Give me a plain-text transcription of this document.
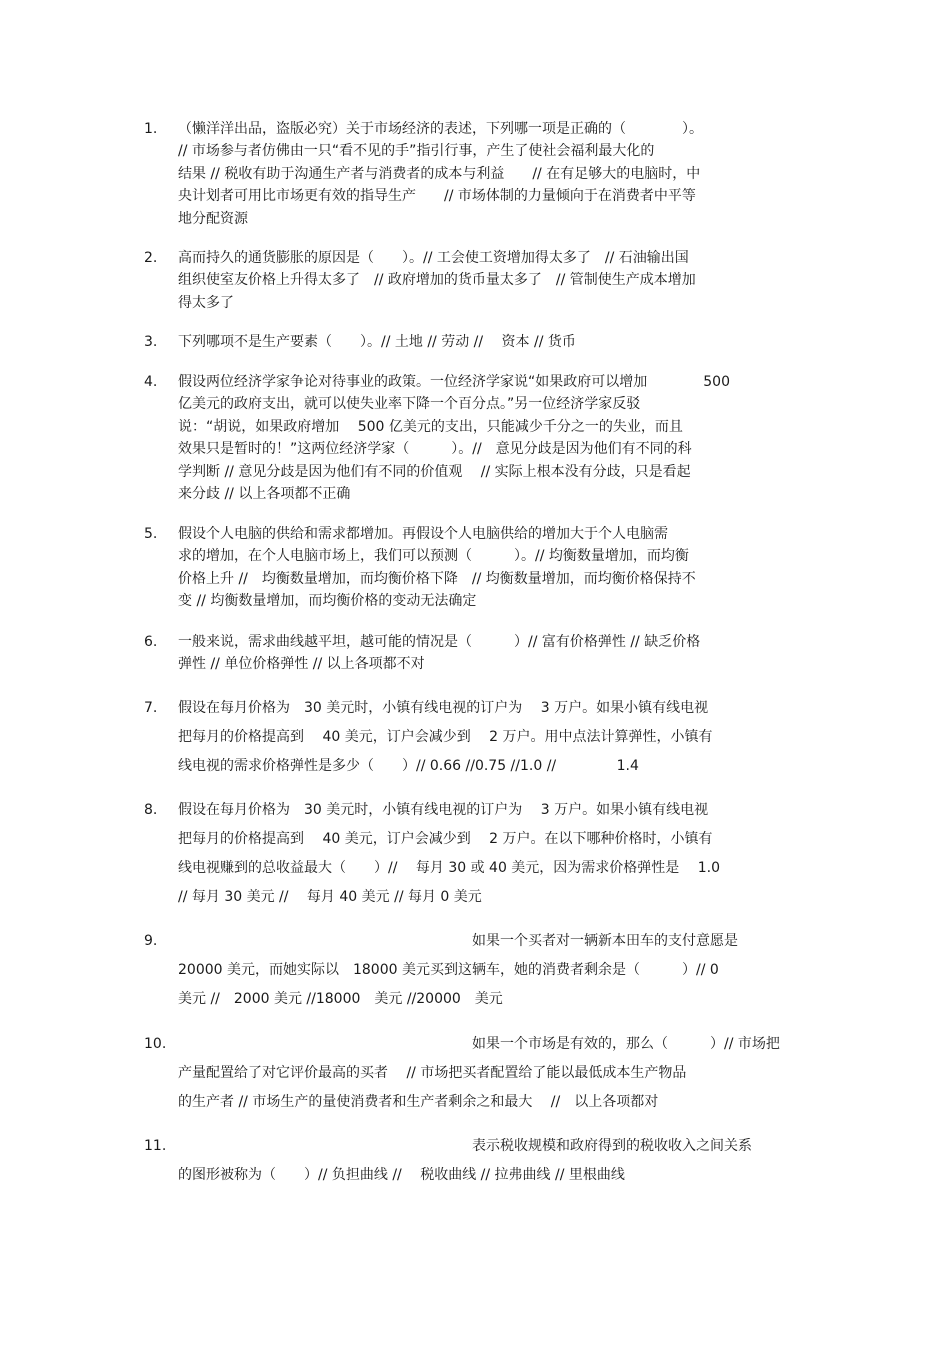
1. （懒洋洋出品，盗版必究）关于市场经济的表述，下列哪一项是正确的（　　　　）。
// 市场参与者仿佛由一只“看不见的手”指引行事，产生了使社会福利最大化的
结果 // 税收有助于沟通生产者与消费者的成本与利益　　// 在有足够大的电脑时，中
央计划者可用比市场更有效的指导生产　　// 市场体制的力量倾向于在消费者中平等
地分配资源
2. 高而持久的通货膨胀的原因是（　　）。// 工会使工资增加得太多了　// 石油输出国
组织使室友价格上升得太多了　// 政府增加的货币量太多了　// 管制使生产成本增加
得太多了
3. 下列哪项不是生产要素（　　）。// 土地 // 劳动 //　 资本 // 货币
4. 假设两位经济学家争论对待事业的政策。一位经济学家说“如果政府可以增加　　　　500
亿美元的政府支出，就可以使失业率下降一个百分点。”另一位经济学家反驳
说：“胡说，如果政府增加　 500 亿美元的支出，只能减少千分之一的失业，而且
效果只是暂时的！”这两位经济学家（　　　）。//　意见分歧是因为他们有不同的科
学判断 // 意见分歧是因为他们有不同的价值观　 // 实际上根本没有分歧，只是看起
来分歧 // 以上各项都不正确
5. 假设个人电脑的供给和需求都增加。再假设个人电脑供给的增加大于个人电脑需
求的增加，在个人电脑市场上，我们可以预测（　　　）。// 均衡数量增加，而均衡
价格上升 //　均衡数量增加，而均衡价格下降　// 均衡数量增加，而均衡价格保持不
变 // 均衡数量增加，而均衡价格的变动无法确定
6. 一般来说，需求曲线越平坦，越可能的情况是（　　　）// 富有价格弹性 // 缺乏价格
弹性 // 单位价格弹性 // 以上各项都不对
7. 假设在每月价格为　30 美元时，小镇有线电视的订户为　 3 万户。如果小镇有线电视
把每月的价格提高到　 40 美元，订户会减少到　 2 万户。用中点法计算弹性，小镇有
线电视的需求价格弹性是多少（　　）// 0.66 //0.75 //1.0 //　　　　 1.4
8. 假设在每月价格为　30 美元时，小镇有线电视的订户为　 3 万户。如果小镇有线电视
把每月的价格提高到　 40 美元，订户会减少到　 2 万户。在以下哪种价格时，小镇有
线电视赚到的总收益最大（　　）//　 每月 30 或 40 美元，因为需求价格弹性是　 1.0
// 每月 30 美元 //　 每月 40 美元 // 每月 0 美元
9. 　　　　　　　　　　　　　　　　　　　　　如果一个买者对一辆新本田车的支付意愿是
20000 美元，而她实际以　18000 美元买到这辆车，她的消费者剩余是（　　　）// 0
美元 //　2000 美元 //18000　美元 //20000　美元
10. 　　　　　　　　　　　　　　　　　　　　　如果一个市场是有效的，那么（　　　）// 市场把
产量配置给了对它评价最高的买者　 // 市场把买者配置给了能以最低成本生产物品
的生产者 // 市场生产的量使消费者和生产者剩余之和最大　 //　以上各项都对
11. 　　　　　　　　　　　　　　　　　　　　　表示税收规模和政府得到的税收收入之间关系
的图形被称为（　　）// 负担曲线 //　 税收曲线 // 拉弗曲线 // 里根曲线
